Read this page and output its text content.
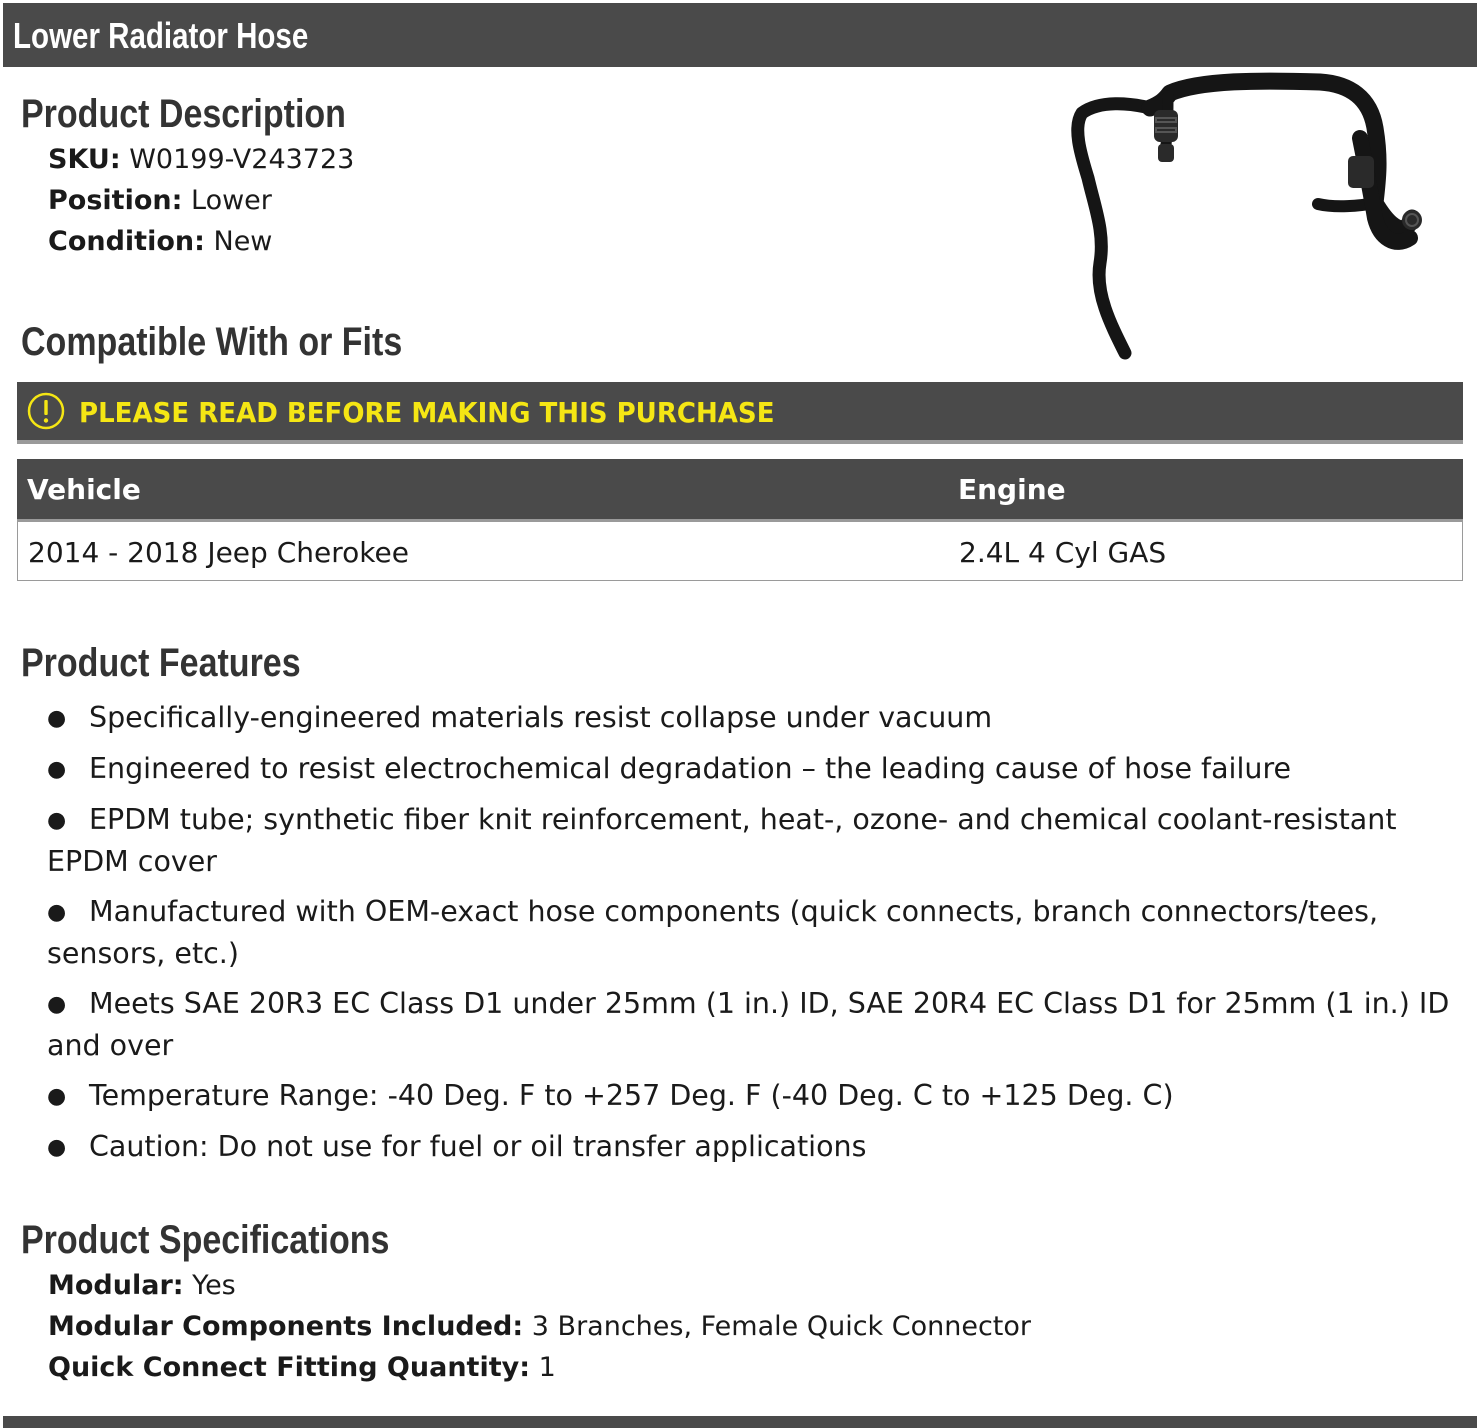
Lower Radiator Hose
Product Description
SKU: W0199-V243723
Position: Lower
Condition: New
Compatible With or Fits
PLEASE READ BEFORE MAKING THIS PURCHASE
Vehicle	Engine
2014 - 2018 Jeep Cherokee	2.4L 4 Cyl GAS
Product Features
● Specifically-engineered materials resist collapse under vacuum
● Engineered to resist electrochemical degradation – the leading cause of hose failure
● EPDM tube; synthetic fiber knit reinforcement, heat-, ozone- and chemical coolant-resistant EPDM cover
● Manufactured with OEM-exact hose components (quick connects, branch connectors/tees, sensors, etc.)
● Meets SAE 20R3 EC Class D1 under 25mm (1 in.) ID, SAE 20R4 EC Class D1 for 25mm (1 in.) ID and over
● Temperature Range: -40 Deg. F to +257 Deg. F (-40 Deg. C to +125 Deg. C)
● Caution: Do not use for fuel or oil transfer applications
Product Specifications
Modular: Yes
Modular Components Included: 3 Branches, Female Quick Connector
Quick Connect Fitting Quantity: 1
